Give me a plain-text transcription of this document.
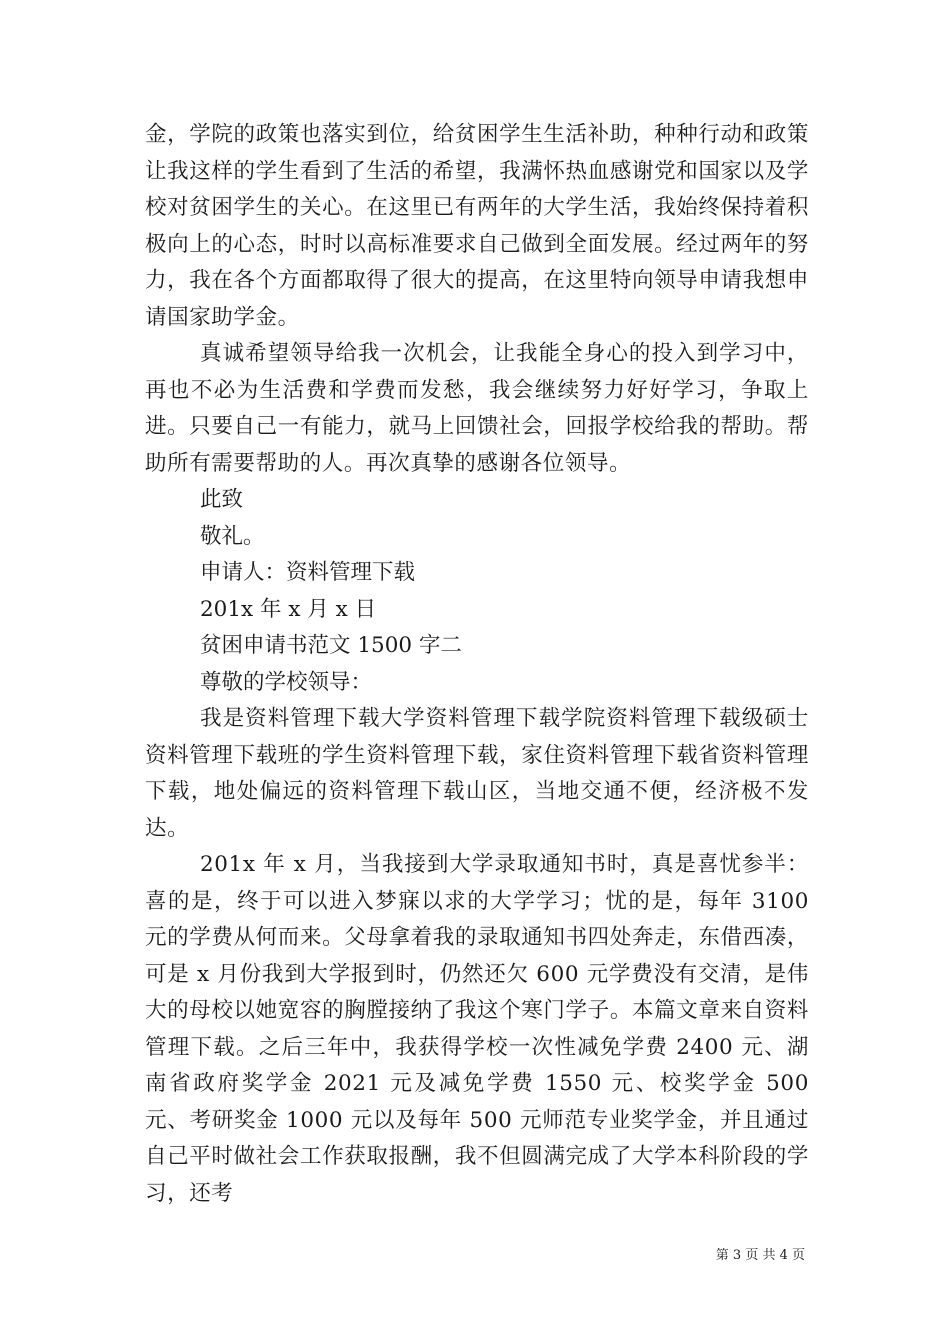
金，学院的政策也落实到位，给贫困学生生活补助，种种行动和政策让我这样的学生看到了生活的希望，我满怀热血感谢党和国家以及学校对贫困学生的关心。在这里已有两年的大学生活，我始终保持着积极向上的心态，时时以高标准要求自己做到全面发展。经过两年的努力，我在各个方面都取得了很大的提高，在这里特向领导申请我想申请国家助学金。

真诚希望领导给我一次机会，让我能全身心的投入到学习中，再也不必为生活费和学费而发愁，我会继续努力好好学习，争取上进。只要自己一有能力，就马上回馈社会，回报学校给我的帮助。帮助所有需要帮助的人。再次真挚的感谢各位领导。

此致

敬礼。

申请人：资料管理下载

201x 年 x 月 x 日

贫困申请书范文 1500 字二

尊敬的学校领导：

我是资料管理下载大学资料管理下载学院资料管理下载级硕士资料管理下载班的学生资料管理下载，家住资料管理下载省资料管理下载，地处偏远的资料管理下载山区，当地交通不便，经济极不发达。

201x 年 x 月，当我接到大学录取通知书时，真是喜忧参半：喜的是，终于可以进入梦寐以求的大学学习；忧的是，每年 3100 元的学费从何而来。父母拿着我的录取通知书四处奔走，东借西凑，可是 x 月份我到大学报到时，仍然还欠 600 元学费没有交清，是伟大的母校以她宽容的胸膛接纳了我这个寒门学子。本篇文章来自资料管理下载。之后三年中，我获得学校一次性减免学费 2400 元、湖南省政府奖学金 2021 元及减免学费 1550 元、校奖学金 500 元、考研奖金 1000 元以及每年 500 元师范专业奖学金，并且通过自己平时做社会工作获取报酬，我不但圆满完成了大学本科阶段的学习，还考

第 3 页 共 4 页
